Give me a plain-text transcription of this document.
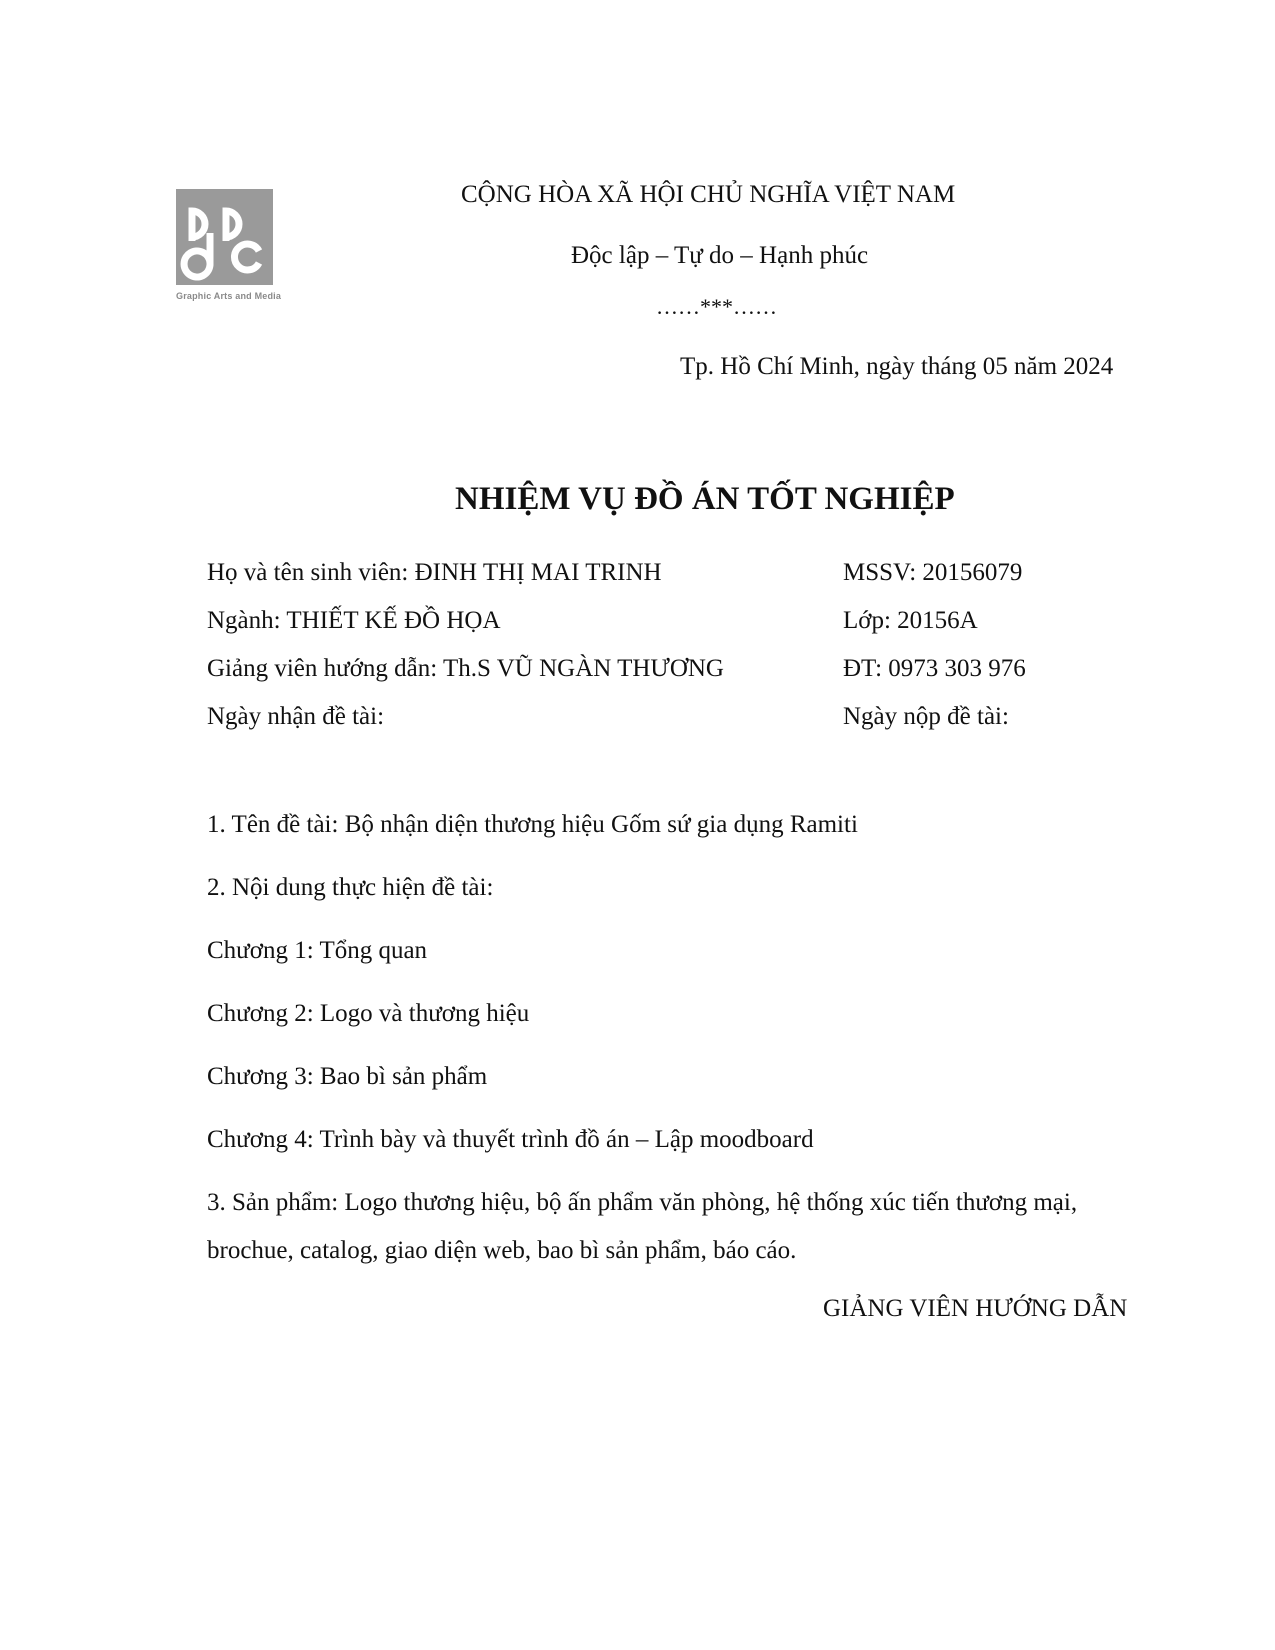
Graphic Arts and Media
CỘNG HÒA XÃ HỘI CHỦ NGHĨA VIỆT NAM
Độc lập – Tự do – Hạnh phúc
……***……
Tp. Hồ Chí Minh, ngày tháng 05 năm 2024
NHIỆM VỤ ĐỒ ÁN TỐT NGHIỆP
Họ và tên sinh viên: ĐINH THỊ MAI TRINH	MSSV: 20156079
Ngành: THIẾT KẾ ĐỒ HỌA	Lớp: 20156A
Giảng viên hướng dẫn: Th.S VŨ NGÀN THƯƠNG	ĐT: 0973 303 976
Ngày nhận đề tài:	Ngày nộp đề tài:
1. Tên đề tài: Bộ nhận diện thương hiệu Gốm sứ gia dụng Ramiti
2. Nội dung thực hiện đề tài:
Chương 1: Tổng quan
Chương 2: Logo và thương hiệu
Chương 3: Bao bì sản phẩm
Chương 4: Trình bày và thuyết trình đồ án – Lập moodboard
3. Sản phẩm: Logo thương hiệu, bộ ấn phẩm văn phòng, hệ thống xúc tiến thương mại,
brochue, catalog, giao diện web, bao bì sản phẩm, báo cáo.
GIẢNG VIÊN HƯỚNG DẪN
